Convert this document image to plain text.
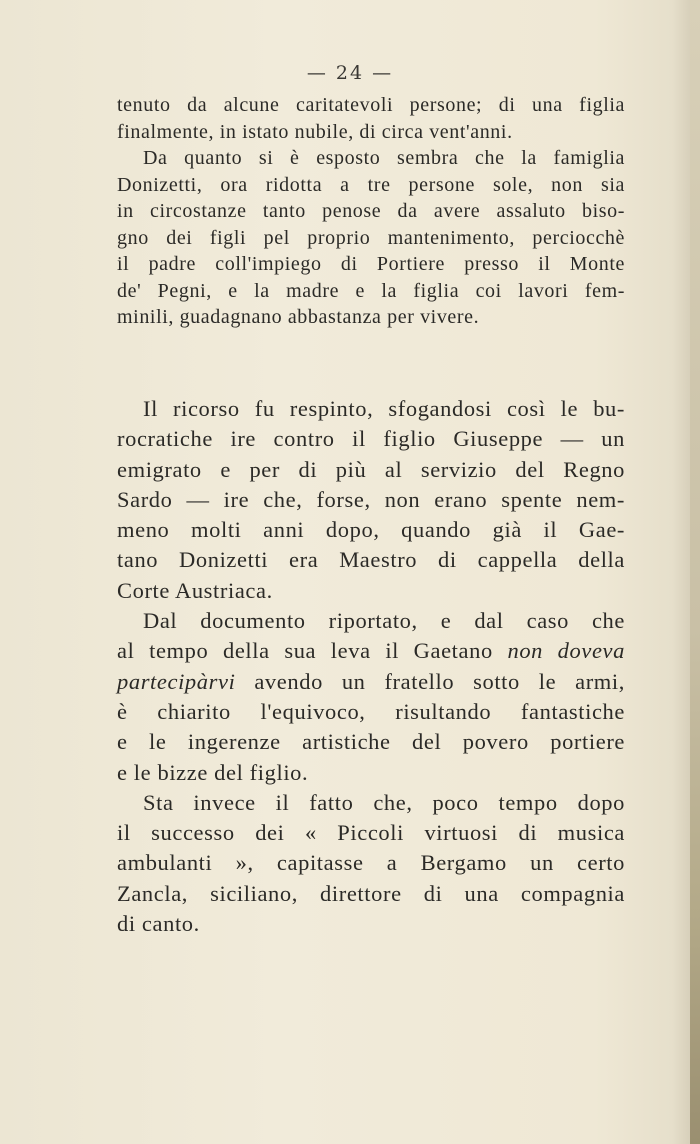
— 24 —

tenuto da alcune caritatevoli persone; di una figlia
finalmente, in istato nubile, di circa vent'anni.

Da quanto si è esposto sembra che la famiglia
Donizetti, ora ridotta a tre persone sole, non sia
in circostanze tanto penose da avere assaluto biso-
gno dei figli pel proprio mantenimento, perciocchè
il padre coll'impiego di Portiere presso il Monte
de' Pegni, e la madre e la figlia coi lavori fem-
minili, guadagnano abbastanza per vivere.

Il ricorso fu respinto, sfogandosi così le bu-
rocratiche ire contro il figlio Giuseppe — un
emigrato e per di più al servizio del Regno
Sardo — ire che, forse, non erano spente nem-
meno molti anni dopo, quando già il Gae-
tano Donizetti era Maestro di cappella della
Corte Austriaca.

Dal documento riportato, e dal caso che
al tempo della sua leva il Gaetano non doveva
partecipàrvi avendo un fratello sotto le armi,
è chiarito l'equivoco, risultando fantastiche
e le ingerenze artistiche del povero portiere
e le bizze del figlio.

Sta invece il fatto che, poco tempo dopo
il successo dei « Piccoli virtuosi di musica
ambulanti », capitasse a Bergamo un certo
Zancla, siciliano, direttore di una compagnia
di canto.
